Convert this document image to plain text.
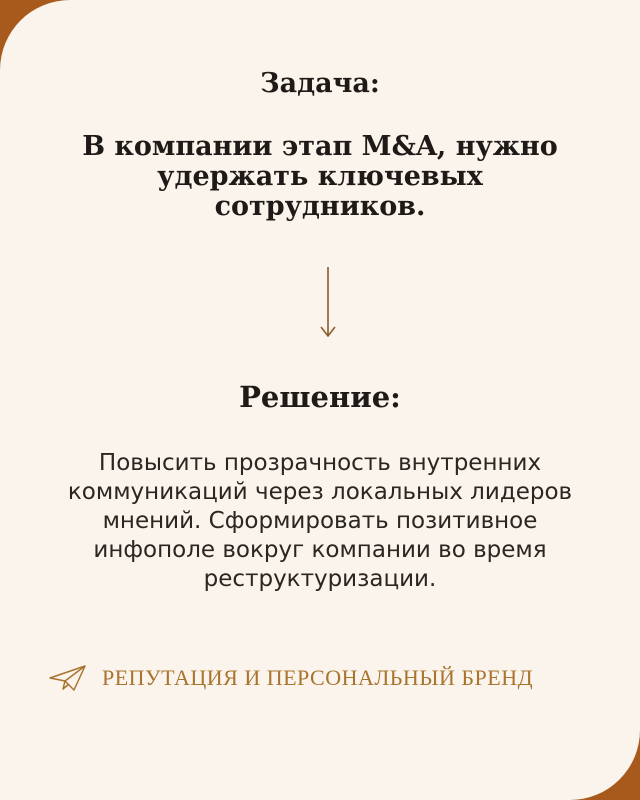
Задача:
В компании этап M&A, нужно удержать ключевых сотрудников.
Решение:
Повысить прозрачность внутренних коммуникаций через локальных лидеров мнений. Сформировать позитивное инфополе вокруг компании во время реструктуризации.
РЕПУТАЦИЯ И ПЕРСОНАЛЬНЫЙ БРЕНД
